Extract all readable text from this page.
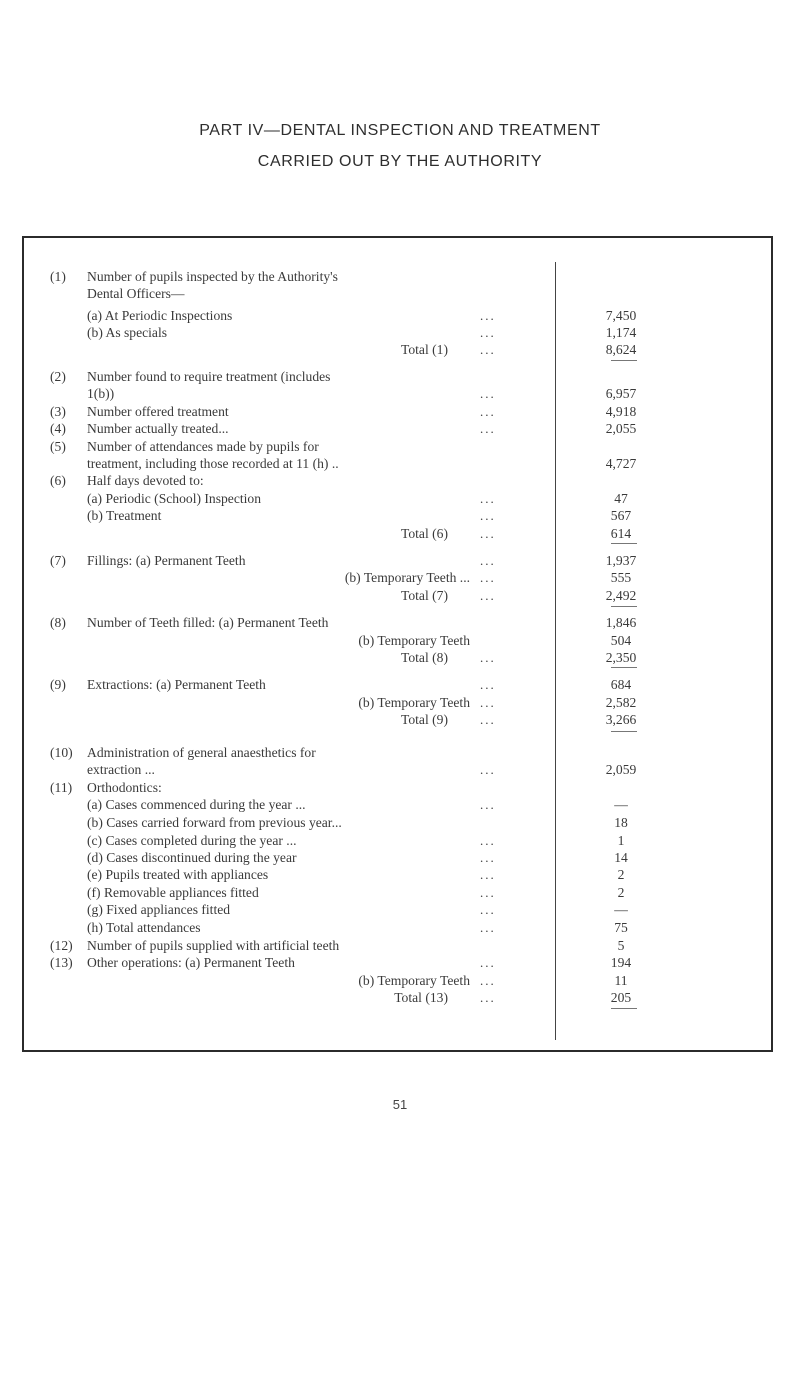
PART IV—DENTAL INSPECTION AND TREATMENT
CARRIED OUT BY THE AUTHORITY
(1)	Number of pupils inspected by the Authority's
Dental Officers—
(a) At Periodic Inspections	...	7,450
(b) As specials	...	1,174
Total (1) ...	8,624
(2)	Number found to require treatment (includes
1(b))	...	6,957
(3)	Number offered treatment	...	4,918
(4)	Number actually treated...	...	2,055
(5)	Number of attendances made by pupils for
treatment, including those recorded at 11 (h) ..	4,727
(6)	Half days devoted to:
(a) Periodic (School) Inspection	...	47
(b) Treatment	...	567
Total (6) ...	614
(7)	Fillings: (a) Permanent Teeth	...	1,937
(b) Temporary Teeth ... ...	555
Total (7) ...	2,492
(8)	Number of Teeth filled: (a) Permanent Teeth	1,846
(b) Temporary Teeth	504
Total (8) ...	2,350
(9)	Extractions: (a) Permanent Teeth	...	684
(b) Temporary Teeth ...	2,582
Total (9) ...	3,266
(10)	Administration of general anaesthetics for
extraction ...	...	2,059
(11)	Orthodontics:
(a) Cases commenced during the year ...	...	—
(b) Cases carried forward from previous year...	18
(c) Cases completed during the year ...	...	1
(d) Cases discontinued during the year	...	14
(e) Pupils treated with appliances	...	2
(f) Removable appliances fitted	...	2
(g) Fixed appliances fitted	...	—
(h) Total attendances	...	75
(12)	Number of pupils supplied with artificial teeth	5
(13)	Other operations: (a) Permanent Teeth	...	194
(b) Temporary Teeth ...	11
Total (13) ...	205
51
